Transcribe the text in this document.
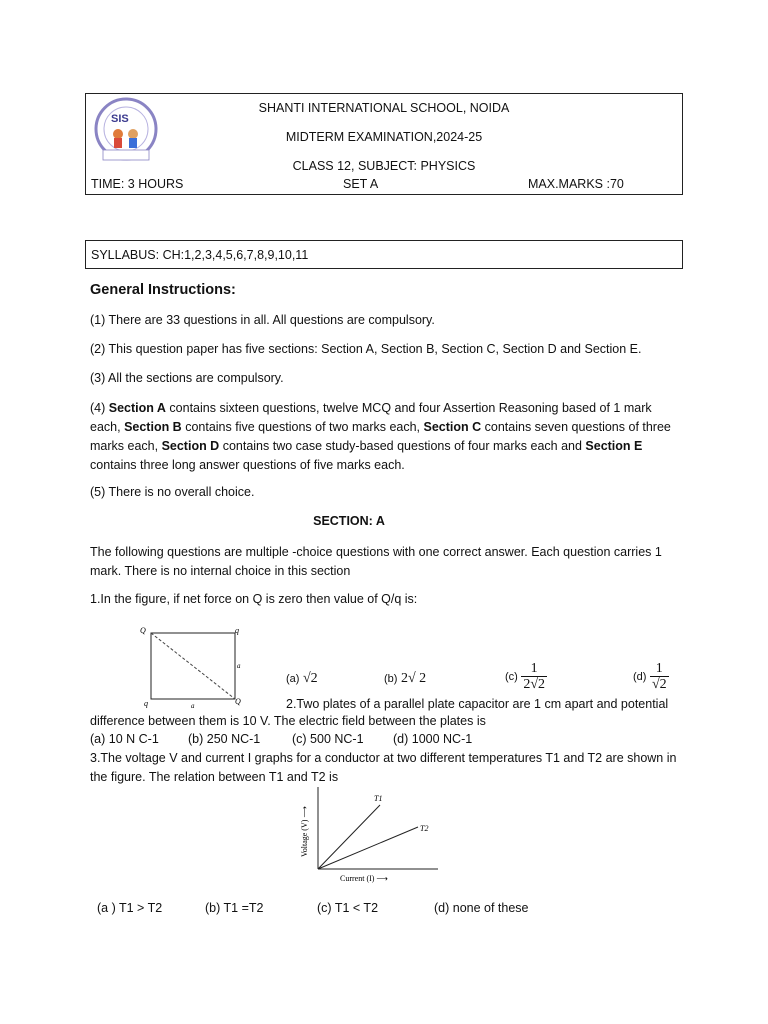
SIS
SHANTI INTERNATIONAL SCHOOL, NOIDA
MIDTERM EXAMINATION,2024-25
CLASS 12, SUBJECT: PHYSICS
TIME: 3 HOURS	SET A	MAX.MARKS :70
SYLLABUS: CH:1,2,3,4,5,6,7,8,9,10,11
General Instructions:
(1) There are 33 questions in all. All questions are compulsory.
(2) This question paper has five sections: Section A, Section B, Section C, Section D and Section E.
(3) All the sections are compulsory.
(4) Section A contains sixteen questions, twelve MCQ and four Assertion Reasoning based of 1 mark each, Section B contains five questions of two marks each, Section C contains seven questions of three marks each, Section D contains two case study-based questions of four marks each and Section E contains three long answer questions of five marks each.
(5) There is no overall choice.
SECTION: A
The following questions are multiple -choice questions with one correct answer. Each question carries 1 mark. There is no internal choice in this section
1.In the figure, if net force on Q is zero then value of Q/q is:
Q	q
q	Q
a
a
(a) √2	(b) 2√ 2	$(c) \frac{1}{2√2}$	$(d) \frac{1}{√2}$
2.Two plates of a parallel plate capacitor are 1 cm apart and potential
difference between them is 10 V. The electric field between the plates is
(a) 10 N C-1 (b) 250 NC-1	(c) 500 NC-1 (d) 1000 NC-1
3.The voltage V and current I graphs for a conductor at two different temperatures T1 and T2 are shown in the figure. The relation between T1 and T2 is
T1
T2
Voltage (V) ⟶
Current (I) ⟶
(a ) T1 > T2	(b) T1 =T2	(c) T1 < T2	(d) none of these
